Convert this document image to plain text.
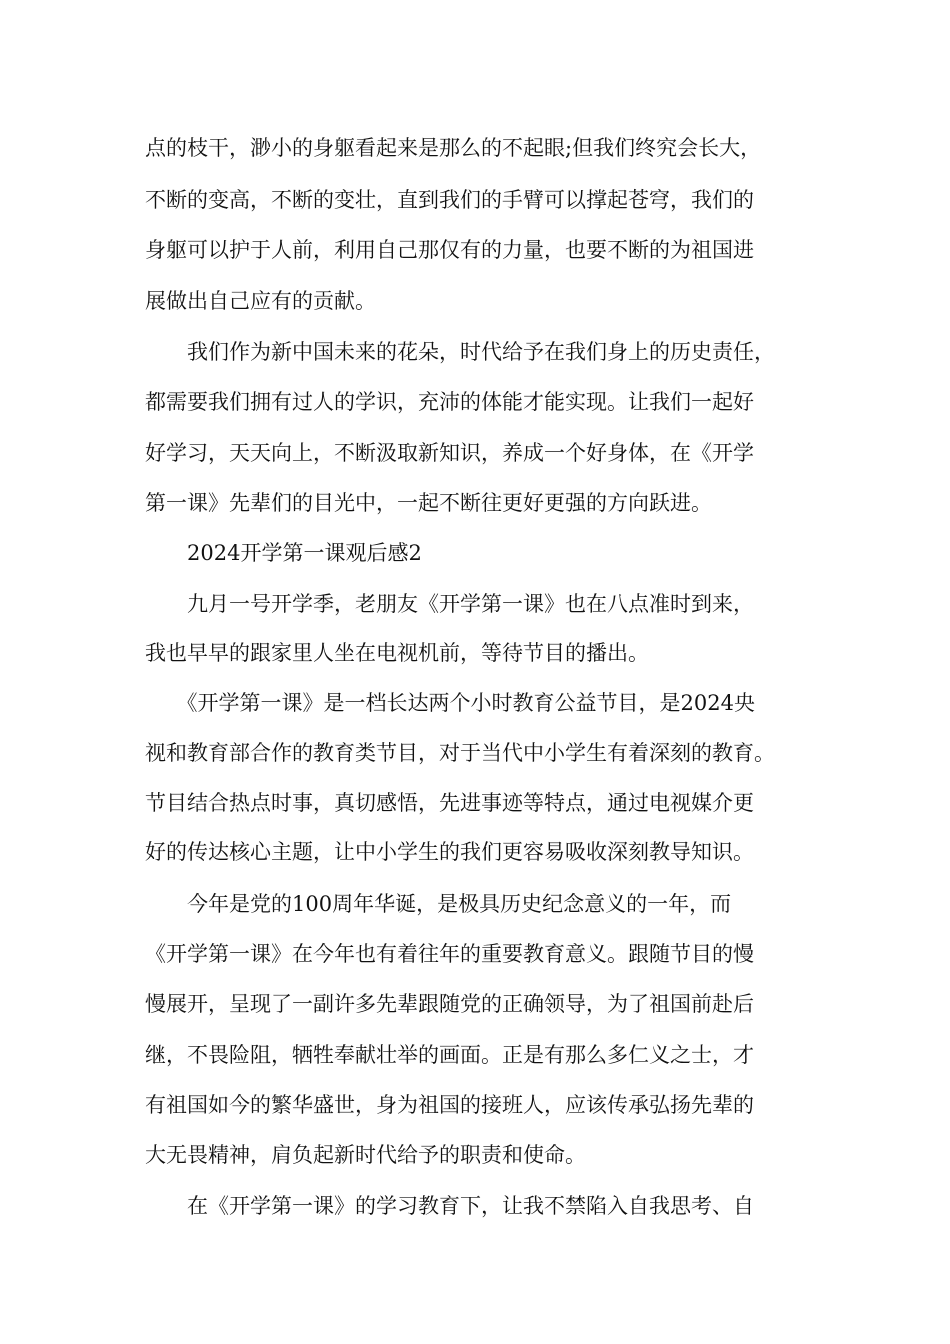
点的枝干，渺小的身躯看起来是那么的不起眼;但我们终究会长大，

不断的变高，不断的变壮，直到我们的手臂可以撑起苍穹，我们的

身躯可以护于人前，利用自己那仅有的力量，也要不断的为祖国进

展做出自己应有的贡献。

　　我们作为新中国未来的花朵，时代给予在我们身上的历史责任，

都需要我们拥有过人的学识，充沛的体能才能实现。让我们一起好

好学习，天天向上，不断汲取新知识，养成一个好身体，在《开学

第一课》先辈们的目光中，一起不断往更好更强的方向跃进。

　　2024开学第一课观后感2

　　九月一号开学季，老朋友《开学第一课》也在八点准时到来，

我也早早的跟家里人坐在电视机前，等待节目的播出。

　　《开学第一课》是一档长达两个小时教育公益节目，是2024央

视和教育部合作的教育类节目，对于当代中小学生有着深刻的教育。

节目结合热点时事，真切感悟，先进事迹等特点，通过电视媒介更

好的传达核心主题，让中小学生的我们更容易吸收深刻教导知识。

　　今年是党的100周年华诞，是极具历史纪念意义的一年，而

《开学第一课》在今年也有着往年的重要教育意义。跟随节目的慢

慢展开，呈现了一副许多先辈跟随党的正确领导，为了祖国前赴后

继，不畏险阻，牺牲奉献壮举的画面。正是有那么多仁义之士，才

有祖国如今的繁华盛世，身为祖国的接班人，应该传承弘扬先辈的

大无畏精神，肩负起新时代给予的职责和使命。

　　在《开学第一课》的学习教育下，让我不禁陷入自我思考、自
